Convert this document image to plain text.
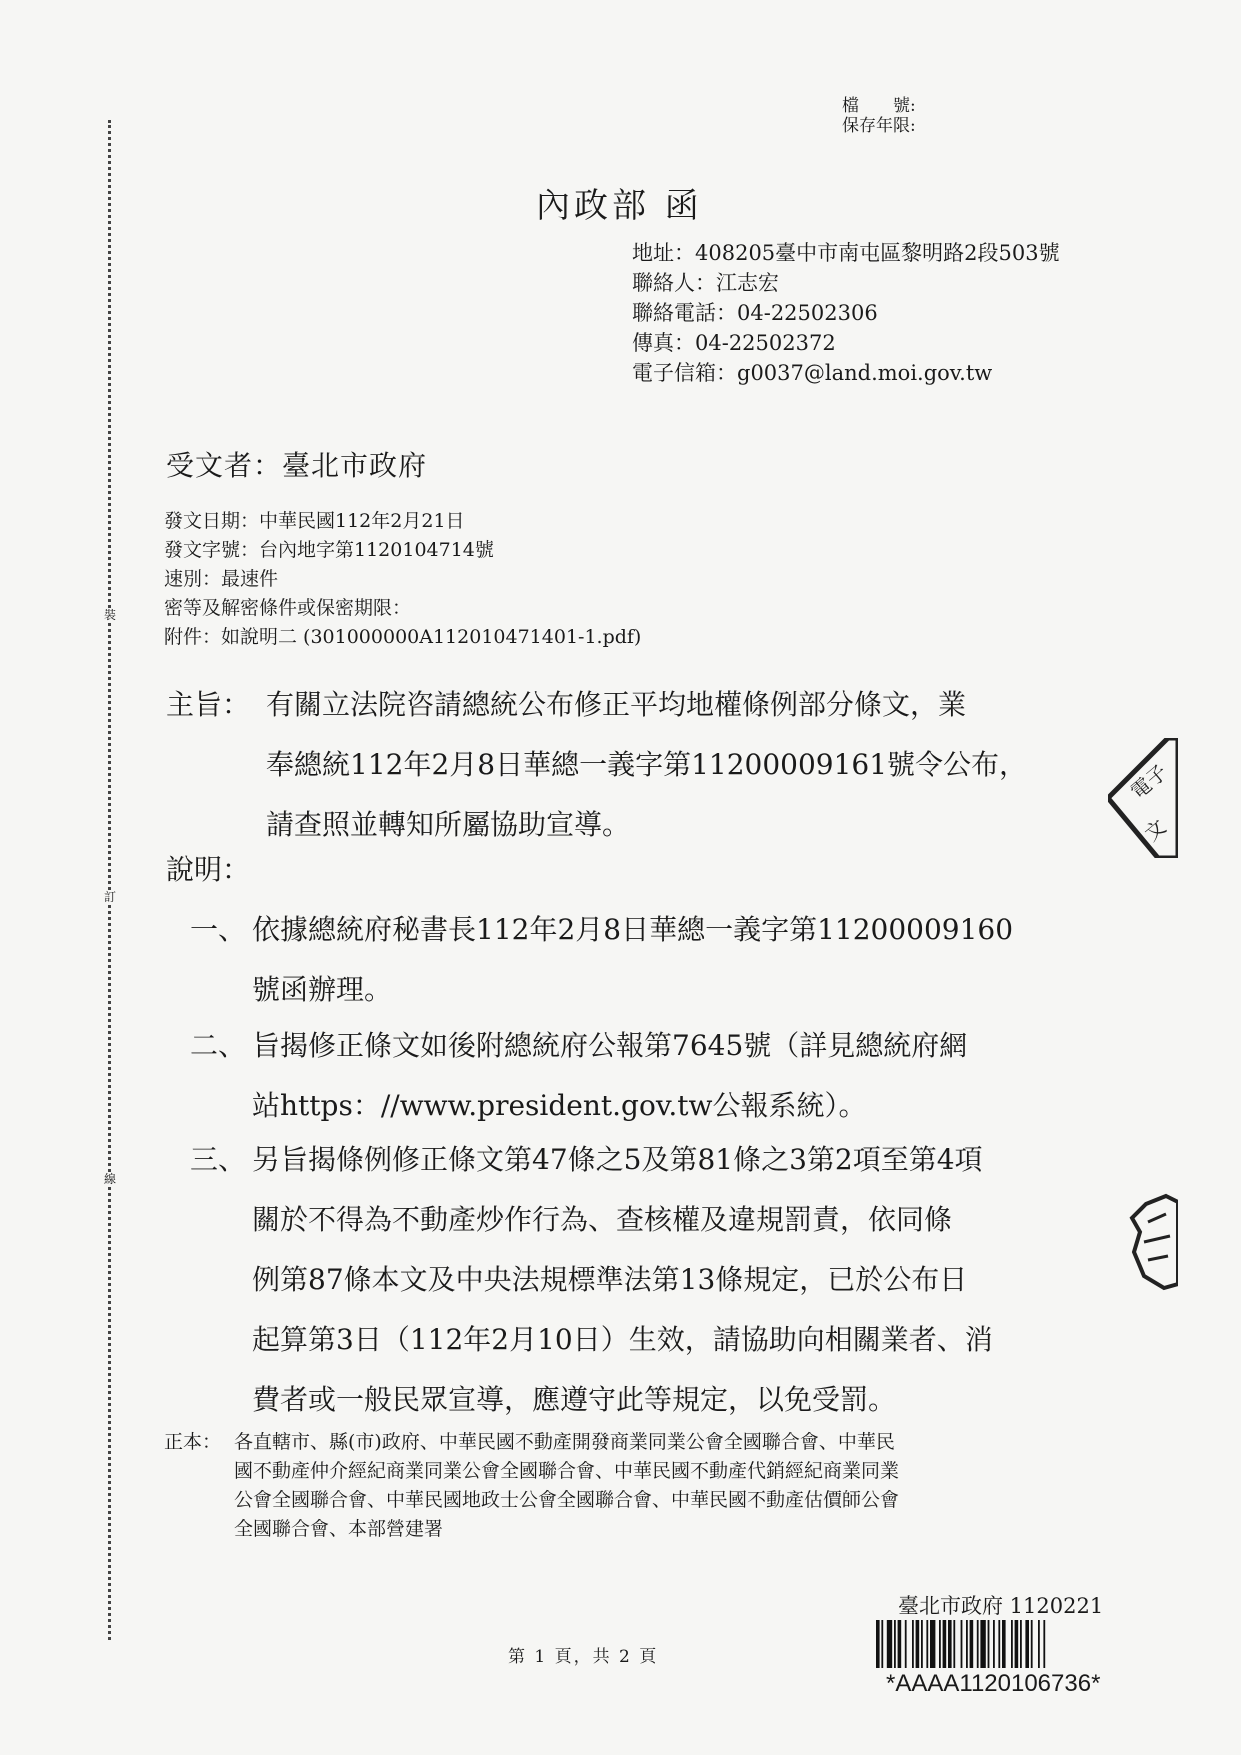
裝
訂
線
檔　　號:
保存年限:
內政部 函
地址：408205臺中市南屯區黎明路2段503號
聯絡人：江志宏
聯絡電話：04-22502306
傳真：04-22502372
電子信箱：g0037@land.moi.gov.tw
受文者：臺北市政府
發文日期：中華民國112年2月21日
發文字號：台內地字第1120104714號
速別：最速件
密等及解密條件或保密期限：
附件：如說明二 (301000000A112010471401-1.pdf)
主旨： 有關立法院咨請總統公布修正平均地權條例部分條文，業
奉總統112年2月8日華總一義字第11200009161號令公布，
請查照並轉知所屬協助宣導。
說明：
一、 依據總統府秘書長112年2月8日華總一義字第11200009160
號函辦理。
二、 旨揭修正條文如後附總統府公報第7645號（詳見總統府網
站https：//www.president.gov.tw公報系統）。
三、 另旨揭條例修正條文第47條之5及第81條之3第2項至第4項
關於不得為不動產炒作行為、查核權及違規罰責，依同條
例第87條本文及中央法規標準法第13條規定，已於公布日
起算第3日（112年2月10日）生效，請協助向相關業者、消
費者或一般民眾宣導，應遵守此等規定，以免受罰。
正本： 各直轄市、縣(市)政府、中華民國不動產開發商業同業公會全國聯合會、中華民
國不動產仲介經紀商業同業公會全國聯合會、中華民國不動產代銷經紀商業同業
公會全國聯合會、中華民國地政士公會全國聯合會、中華民國不動產估價師公會
全國聯合會、本部營建署
第 1 頁，共 2 頁
臺北市政府 1120221
*AAAA1120106736*
電子
文
